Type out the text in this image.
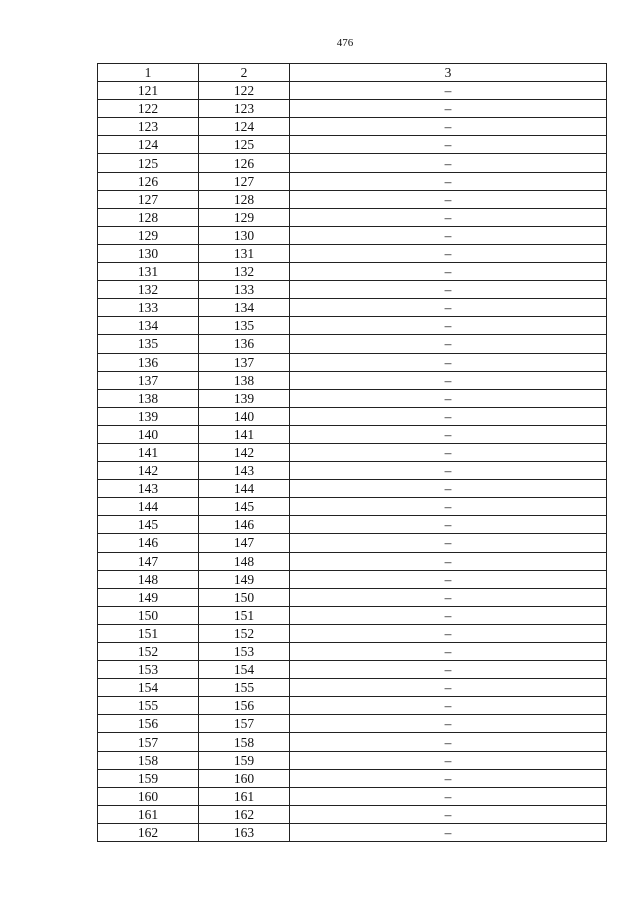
476
1	2	3
121	122	–
122	123	–
123	124	–
124	125	–
125	126	–
126	127	–
127	128	–
128	129	–
129	130	–
130	131	–
131	132	–
132	133	–
133	134	–
134	135	–
135	136	–
136	137	–
137	138	–
138	139	–
139	140	–
140	141	–
141	142	–
142	143	–
143	144	–
144	145	–
145	146	–
146	147	–
147	148	–
148	149	–
149	150	–
150	151	–
151	152	–
152	153	–
153	154	–
154	155	–
155	156	–
156	157	–
157	158	–
158	159	–
159	160	–
160	161	–
161	162	–
162	163	–
